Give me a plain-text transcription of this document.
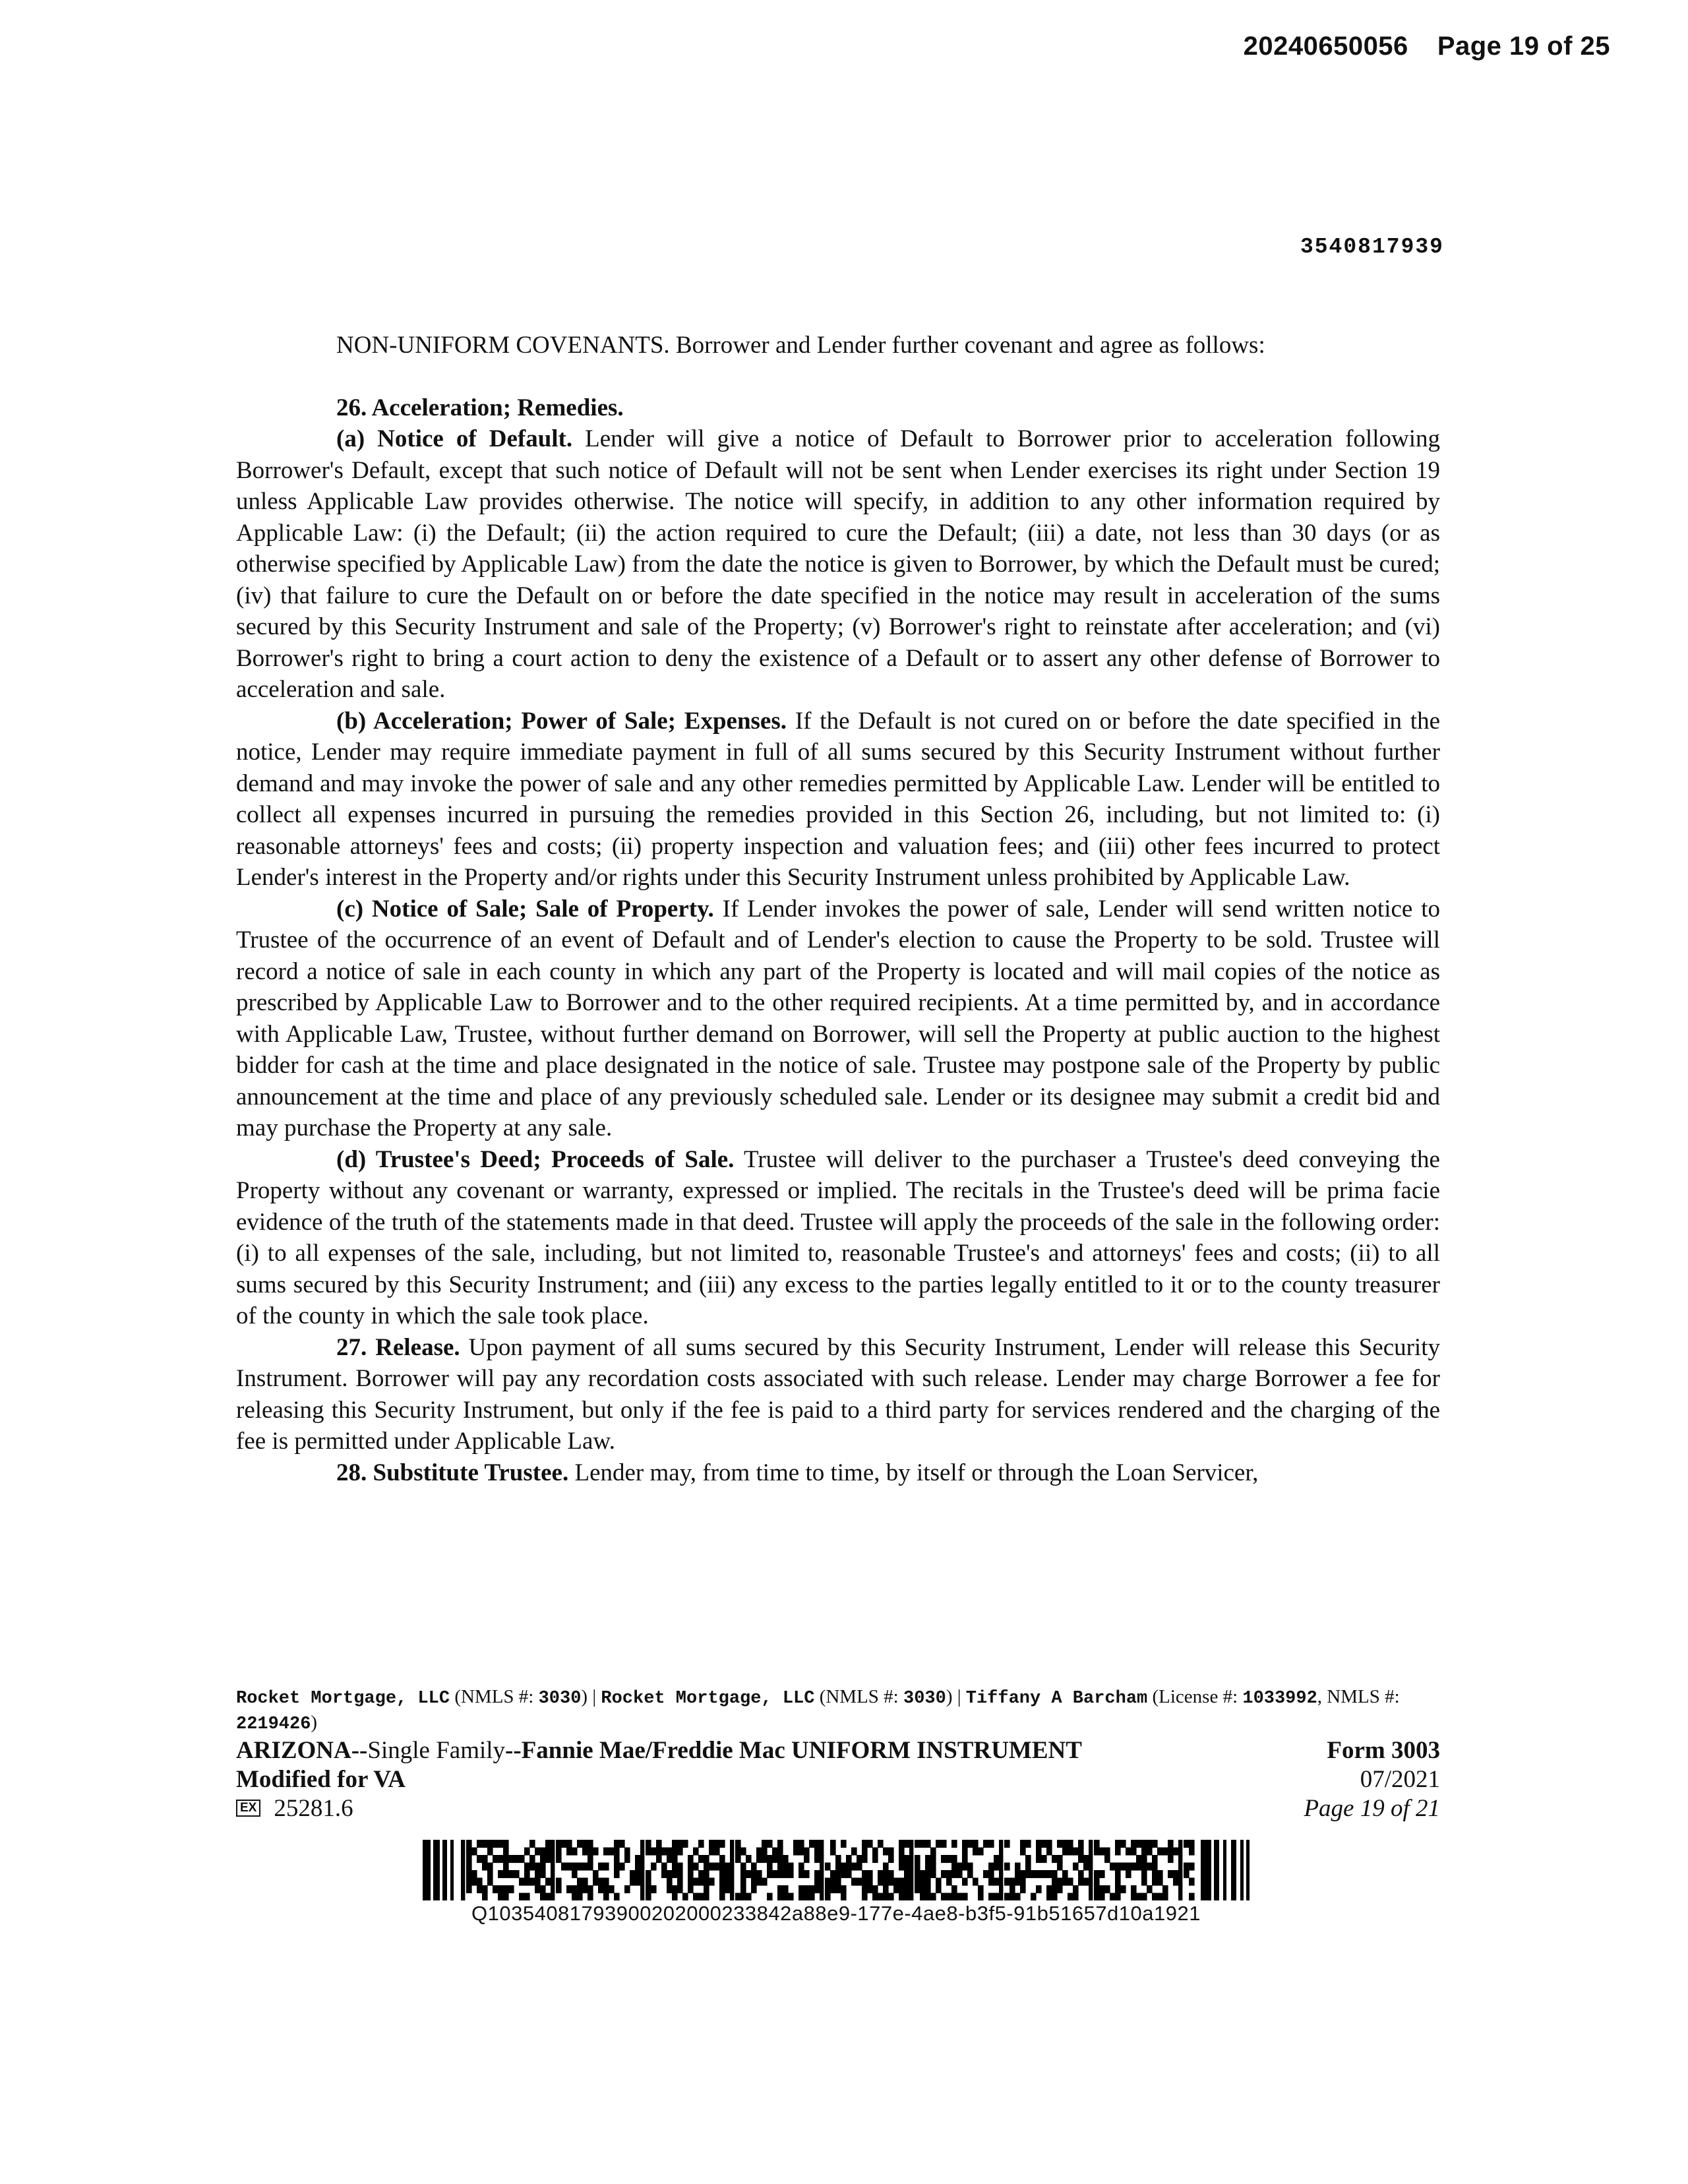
20240650056 Page 19 of 25
3540817939

NON-UNIFORM COVENANTS. Borrower and Lender further covenant and agree as follows:

26. Acceleration; Remedies.

(a) Notice of Default. Lender will give a notice of Default to Borrower prior to acceleration following Borrower's Default, except that such notice of Default will not be sent when Lender exercises its right under Section 19 unless Applicable Law provides otherwise. The notice will specify, in addition to any other information required by Applicable Law: (i) the Default; (ii) the action required to cure the Default; (iii) a date, not less than 30 days (or as otherwise specified by Applicable Law) from the date the notice is given to Borrower, by which the Default must be cured; (iv) that failure to cure the Default on or before the date specified in the notice may result in acceleration of the sums secured by this Security Instrument and sale of the Property; (v) Borrower's right to reinstate after acceleration; and (vi) Borrower's right to bring a court action to deny the existence of a Default or to assert any other defense of Borrower to acceleration and sale.

(b) Acceleration; Power of Sale; Expenses. If the Default is not cured on or before the date specified in the notice, Lender may require immediate payment in full of all sums secured by this Security Instrument without further demand and may invoke the power of sale and any other remedies permitted by Applicable Law. Lender will be entitled to collect all expenses incurred in pursuing the remedies provided in this Section 26, including, but not limited to: (i) reasonable attorneys' fees and costs; (ii) property inspection and valuation fees; and (iii) other fees incurred to protect Lender's interest in the Property and/or rights under this Security Instrument unless prohibited by Applicable Law.

(c) Notice of Sale; Sale of Property. If Lender invokes the power of sale, Lender will send written notice to Trustee of the occurrence of an event of Default and of Lender's election to cause the Property to be sold. Trustee will record a notice of sale in each county in which any part of the Property is located and will mail copies of the notice as prescribed by Applicable Law to Borrower and to the other required recipients. At a time permitted by, and in accordance with Applicable Law, Trustee, without further demand on Borrower, will sell the Property at public auction to the highest bidder for cash at the time and place designated in the notice of sale. Trustee may postpone sale of the Property by public announcement at the time and place of any previously scheduled sale. Lender or its designee may submit a credit bid and may purchase the Property at any sale.

(d) Trustee's Deed; Proceeds of Sale. Trustee will deliver to the purchaser a Trustee's deed conveying the Property without any covenant or warranty, expressed or implied. The recitals in the Trustee's deed will be prima facie evidence of the truth of the statements made in that deed. Trustee will apply the proceeds of the sale in the following order: (i) to all expenses of the sale, including, but not limited to, reasonable Trustee's and attorneys' fees and costs; (ii) to all sums secured by this Security Instrument; and (iii) any excess to the parties legally entitled to it or to the county treasurer of the county in which the sale took place.

27. Release. Upon payment of all sums secured by this Security Instrument, Lender will release this Security Instrument. Borrower will pay any recordation costs associated with such release. Lender may charge Borrower a fee for releasing this Security Instrument, but only if the fee is paid to a third party for services rendered and the charging of the fee is permitted under Applicable Law.

28. Substitute Trustee. Lender may, from time to time, by itself or through the Loan Servicer,

Rocket Mortgage, LLC (NMLS #: 3030) | Rocket Mortgage, LLC (NMLS #: 3030) | Tiffany A Barcham (License #: 1033992, NMLS #: 2219426)
ARIZONA--Single Family--Fannie Mae/Freddie Mac UNIFORM INSTRUMENT	Form 3003
Modified for VA	07/2021
EX 25281.6	Page 19 of 21
Q10354081793900202000233842a88e9-177e-4ae8-b3f5-91b51657d10a1921
